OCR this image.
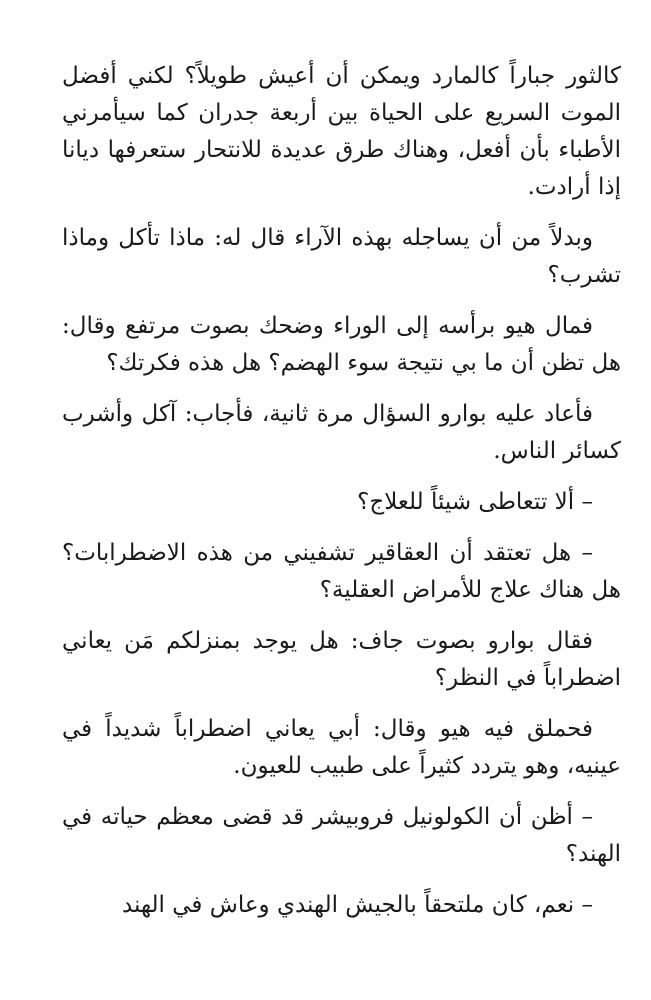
كالثور جباراً كالمارد ويمكن أن أعيش طويلاً؟ لكني أفضل الموت السريع على الحياة بين أربعة جدران كما سيأمرني الأطباء بأن أفعل، وهناك طرق عديدة للانتحار ستعرفها ديانا إذا أرادت.

وبدلاً من أن يساجله بهذه الآراء قال له: ماذا تأكل وماذا تشرب؟

فمال هيو برأسه إلى الوراء وضحك بصوت مرتفع وقال: هل تظن أن ما بي نتيجة سوء الهضم؟ هل هذه فكرتك؟

فأعاد عليه بوارو السؤال مرة ثانية، فأجاب: آكل وأشرب كسائر الناس.

– ألا تتعاطى شيئاً للعلاج؟

– هل تعتقد أن العقاقير تشفيني من هذه الاضطرابات؟ هل هناك علاج للأمراض العقلية؟

فقال بوارو بصوت جاف: هل يوجد بمنزلكم مَن يعاني اضطراباً في النظر؟

فحملق فيه هيو وقال: أبي يعاني اضطراباً شديداً في عينيه، وهو يتردد كثيراً على طبيب للعيون.

– أظن أن الكولونيل فروبيشر قد قضى معظم حياته في الهند؟

– نعم، كان ملتحقاً بالجيش الهندي وعاش في الهند
